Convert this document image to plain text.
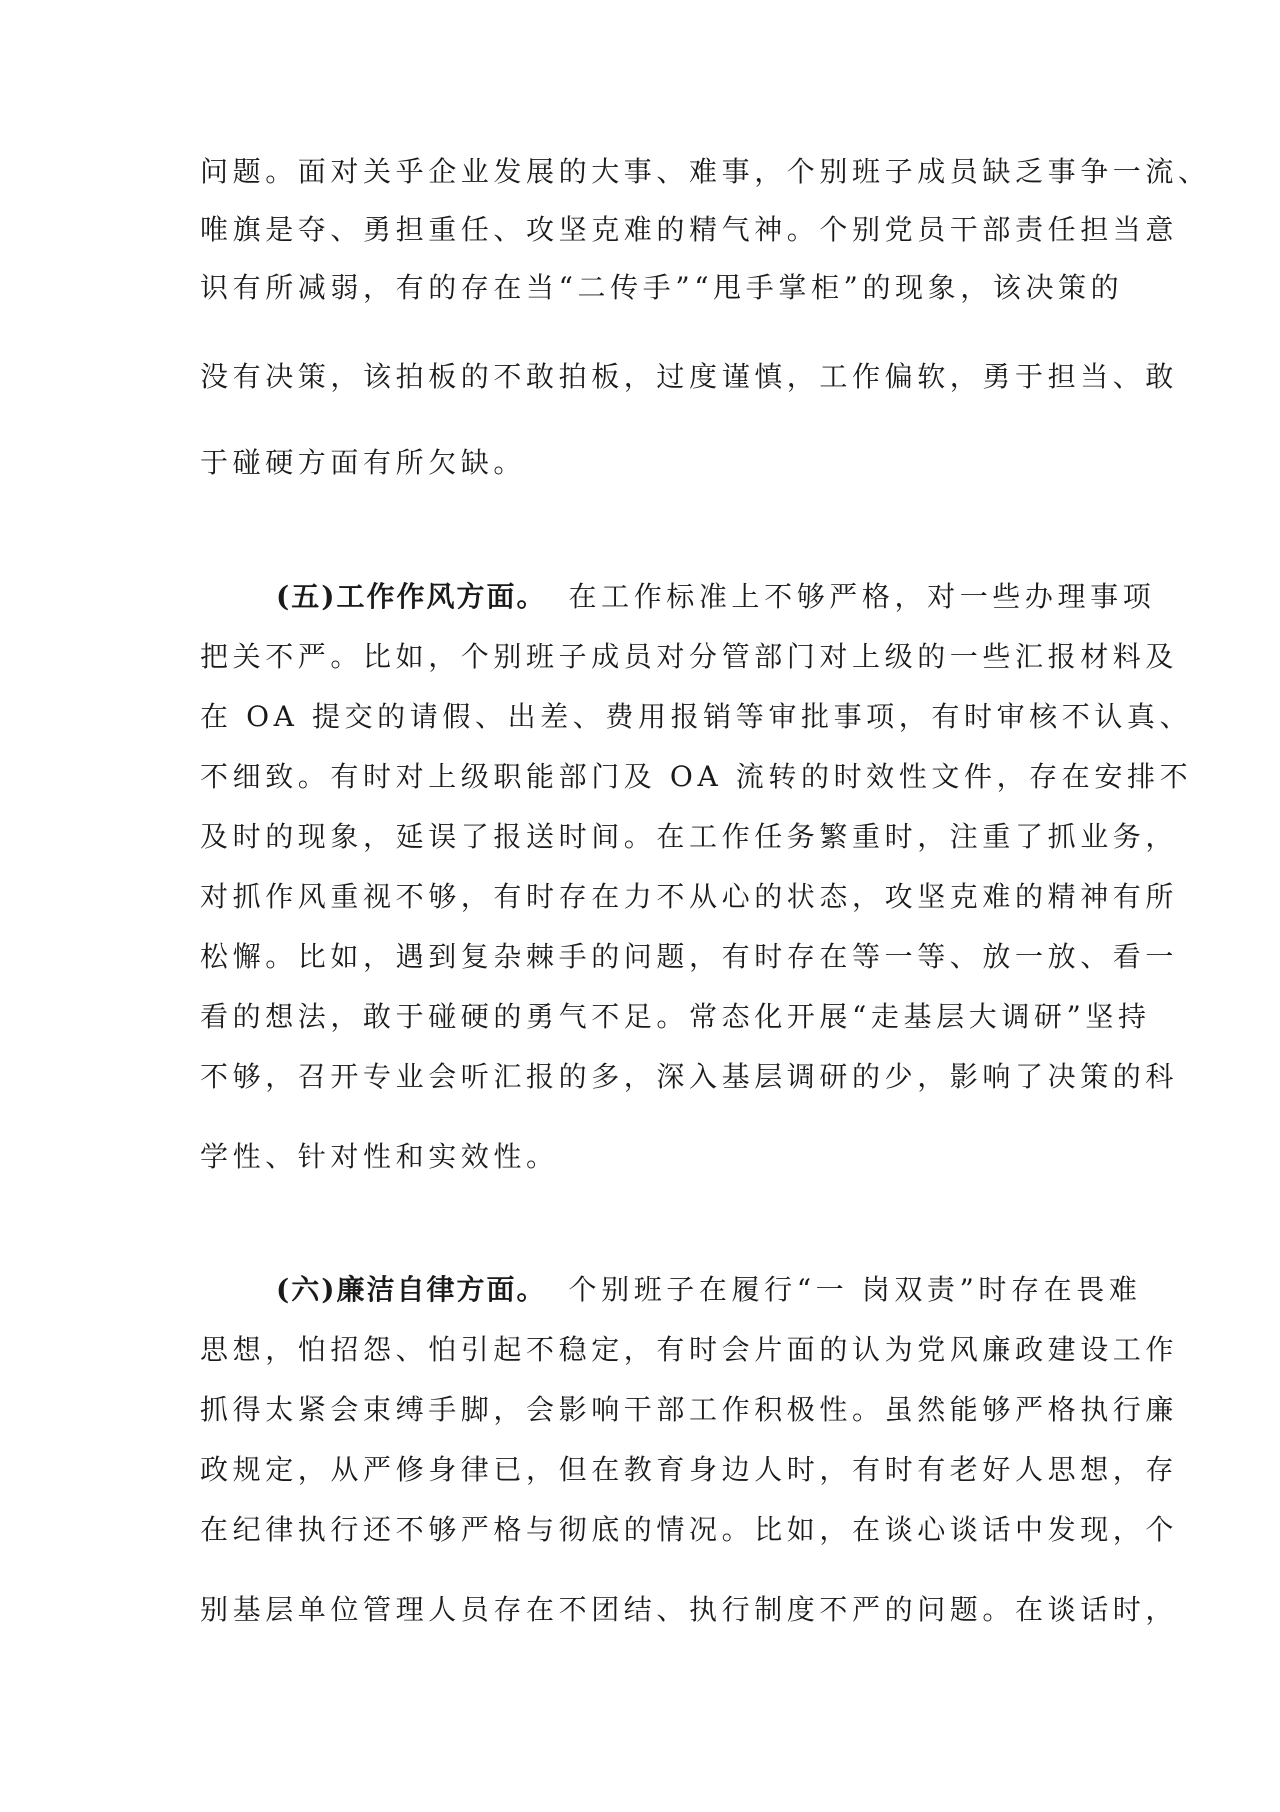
问题。面对关乎企业发展的大事、难事，个别班子成员缺乏事争一流、
唯旗是夺、勇担重任、攻坚克难的精气神。个别党员干部责任担当意
识有所减弱，有的存在当“二传手”“甩手掌柜”的现象，该决策的
没有决策，该拍板的不敢拍板，过度谨慎，工作偏软，勇于担当、敢
于碰硬方面有所欠缺。
(五)工作作风方面。 在工作标准上不够严格，对一些办理事项
把关不严。比如，个别班子成员对分管部门对上级的一些汇报材料及
在 OA 提交的请假、出差、费用报销等审批事项，有时审核不认真、
不细致。有时对上级职能部门及 OA 流转的时效性文件，存在安排不
及时的现象，延误了报送时间。在工作任务繁重时，注重了抓业务，
对抓作风重视不够，有时存在力不从心的状态，攻坚克难的精神有所
松懈。比如，遇到复杂棘手的问题，有时存在等一等、放一放、看一
看的想法，敢于碰硬的勇气不足。常态化开展“走基层大调研”坚持
不够，召开专业会听汇报的多，深入基层调研的少，影响了决策的科
学性、针对性和实效性。
(六)廉洁自律方面。 个别班子在履行“一 岗双责”时存在畏难
思想，怕招怨、怕引起不稳定，有时会片面的认为党风廉政建设工作
抓得太紧会束缚手脚，会影响干部工作积极性。虽然能够严格执行廉
政规定，从严修身律已，但在教育身边人时，有时有老好人思想，存
在纪律执行还不够严格与彻底的情况。比如，在谈心谈话中发现，个
别基层单位管理人员存在不团结、执行制度不严的问题。在谈话时，
